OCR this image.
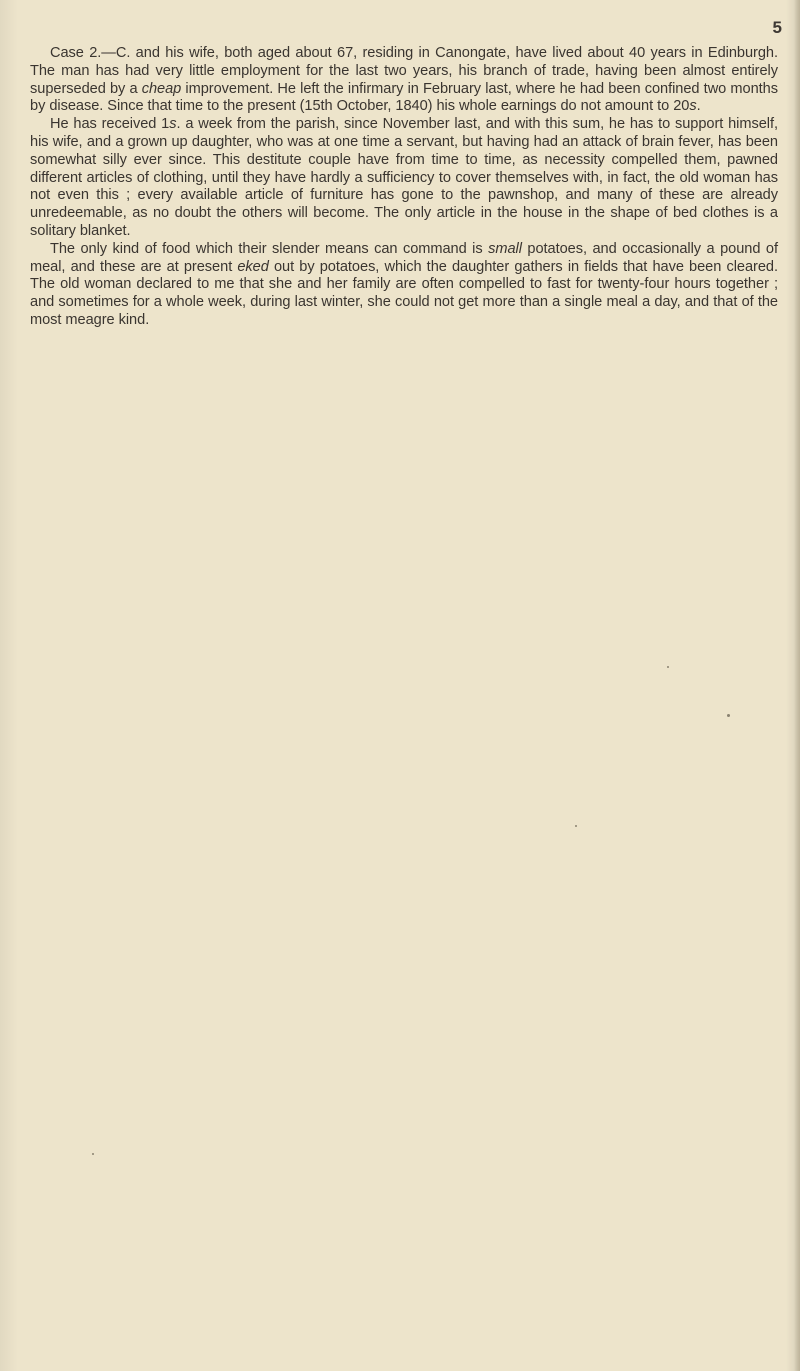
5

Case 2.—C. and his wife, both aged about 67, residing in Canongate, have lived about 40 years in Edinburgh. The man has had very little employment for the last two years, his branch of trade, having been almost entirely superseded by a cheap improvement. He left the infirmary in February last, where he had been confined two months by disease. Since that time to the present (15th October, 1840) his whole earnings do not amount to 20s.

He has received 1s. a week from the parish, since November last, and with this sum, he has to support himself, his wife, and a grown up daughter, who was at one time a servant, but having had an attack of brain fever, has been somewhat silly ever since. This destitute couple have from time to time, as necessity compelled them, pawned different articles of clothing, until they have hardly a sufficiency to cover themselves with, in fact, the old woman has not even this ; every available article of furniture has gone to the pawnshop, and many of these are already unredeemable, as no doubt the others will become. The only article in the house in the shape of bed clothes is a solitary blanket.

The only kind of food which their slender means can command is small potatoes, and occasionally a pound of meal, and these are at present eked out by potatoes, which the daughter gathers in fields that have been cleared. The old woman declared to me that she and her family are often compelled to fast for twenty-four hours together ; and sometimes for a whole week, during last winter, she could not get more than a single meal a day, and that of the most meagre kind.
